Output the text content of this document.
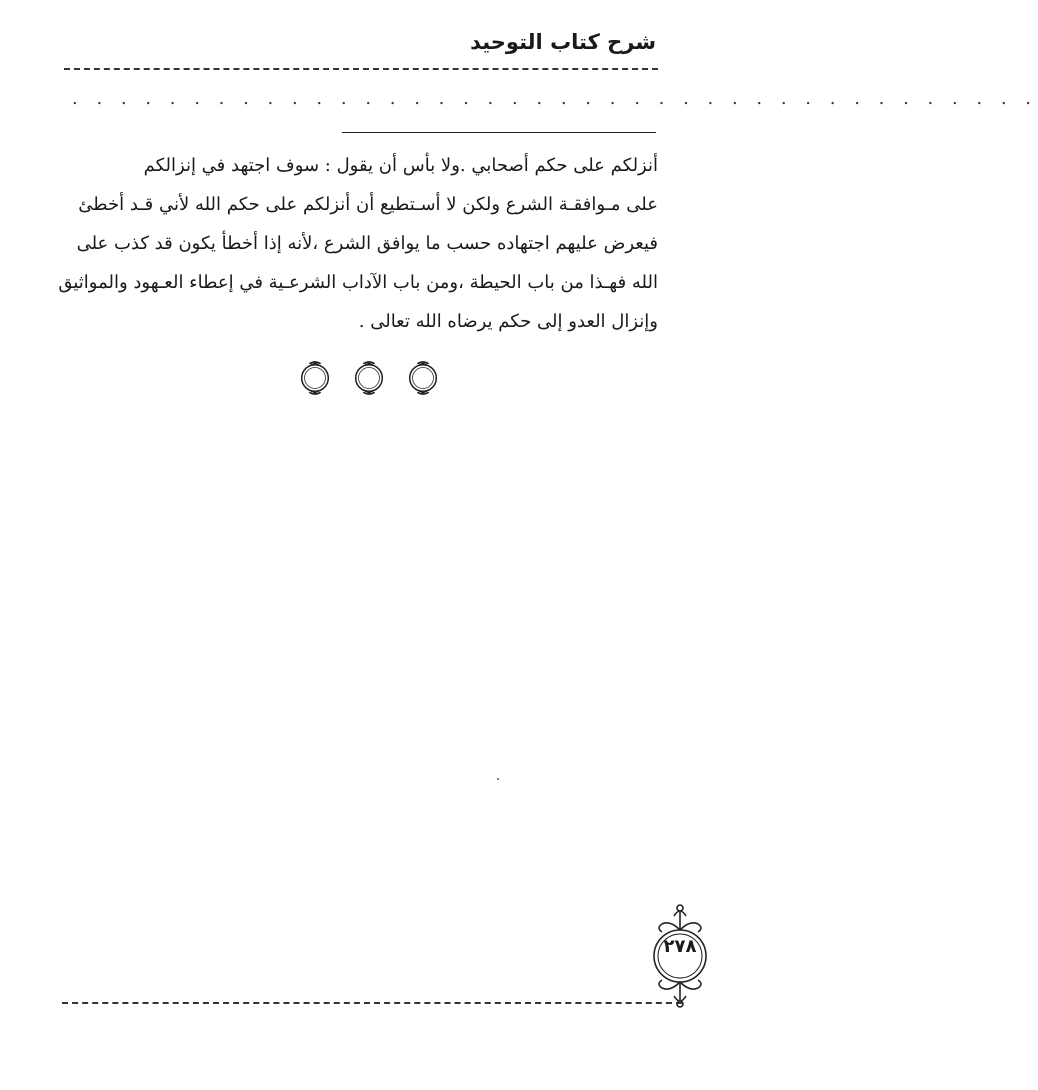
شرح كتاب التوحيد
. . . . . . . . . . . . . . . . . . . . . . . . . . . . . . . . . . . . . . . .
أنزلكم على حكم أصحابي .ولا بأس أن يقول : سوف اجتهد في إنزالكم
على مـوافقـة الشرع ولكن لا أسـتطيع أن أنزلكم على حكم الله لأني قـد أخطئ
فيعرض عليهم اجتهاده حسب ما يوافق الشرع ،لأنه إذا أخطأ يكون قد كذب على
الله فهـذا من باب الحيطة ،ومن باب الآداب الشرعـية في إعطاء العـهود والمواثيق
وإنزال العدو إلى حكم يرضاه الله تعالى .
٢٧٨
